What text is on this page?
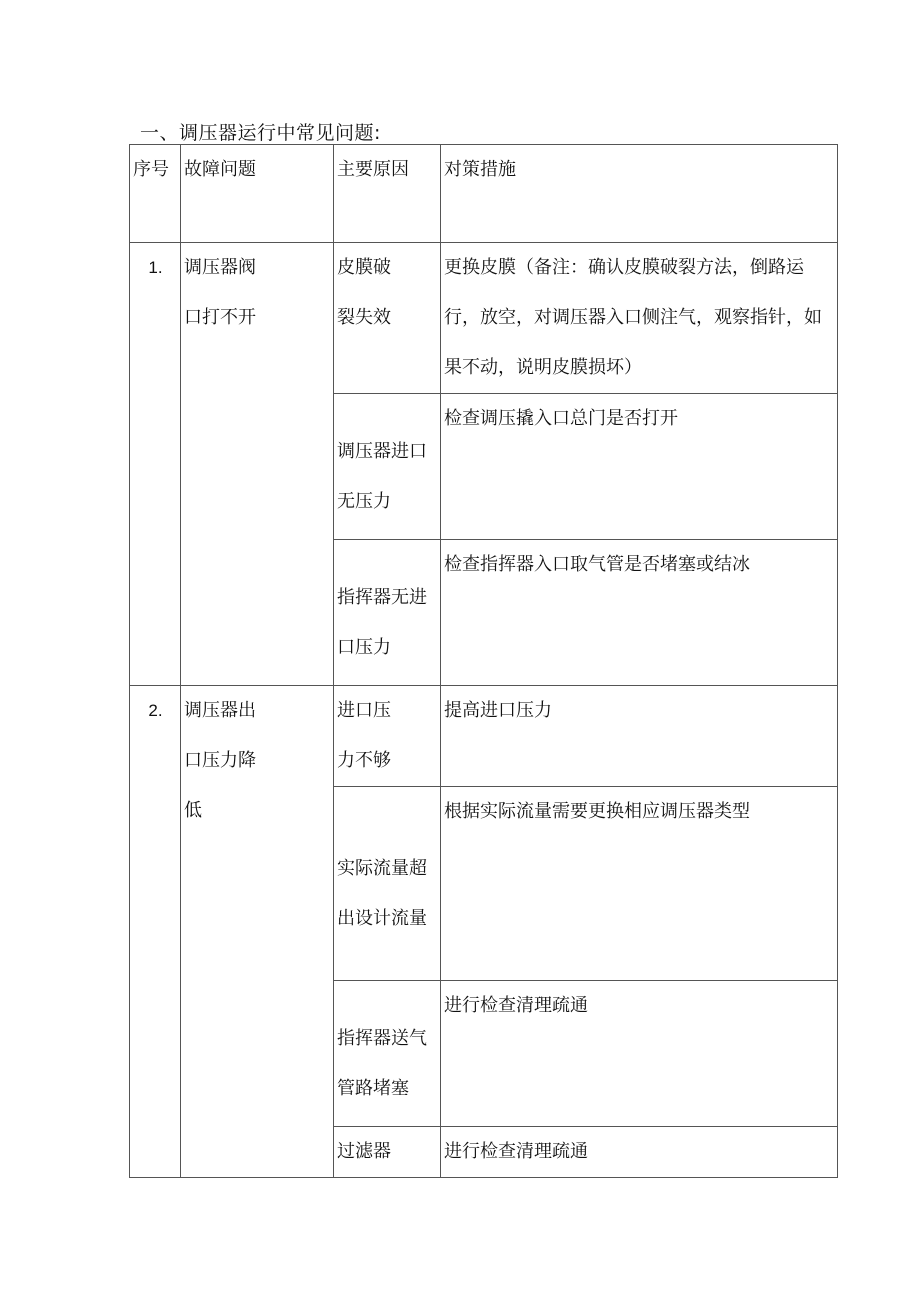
一、调压器运行中常见问题:
序号	故障问题	主要原因	对策措施

1.	调压器阀口打不开	皮膜破裂失效	更换皮膜（备注：确认皮膜破裂方法，倒路运行，放空，对调压器入口侧注气，观察指针，如果不动，说明皮膜损坏）

		调压器进口无压力	检查调压撬入口总门是否打开

		指挥器无进口压力	检查指挥器入口取气管是否堵塞或结冰

2.	调压器出口压力降低	进口压力不够	提高进口压力

		实际流量超出设计流量	根据实际流量需要更换相应调压器类型

		指挥器送气管路堵塞	进行检查清理疏通

		过滤器	进行检查清理疏通
